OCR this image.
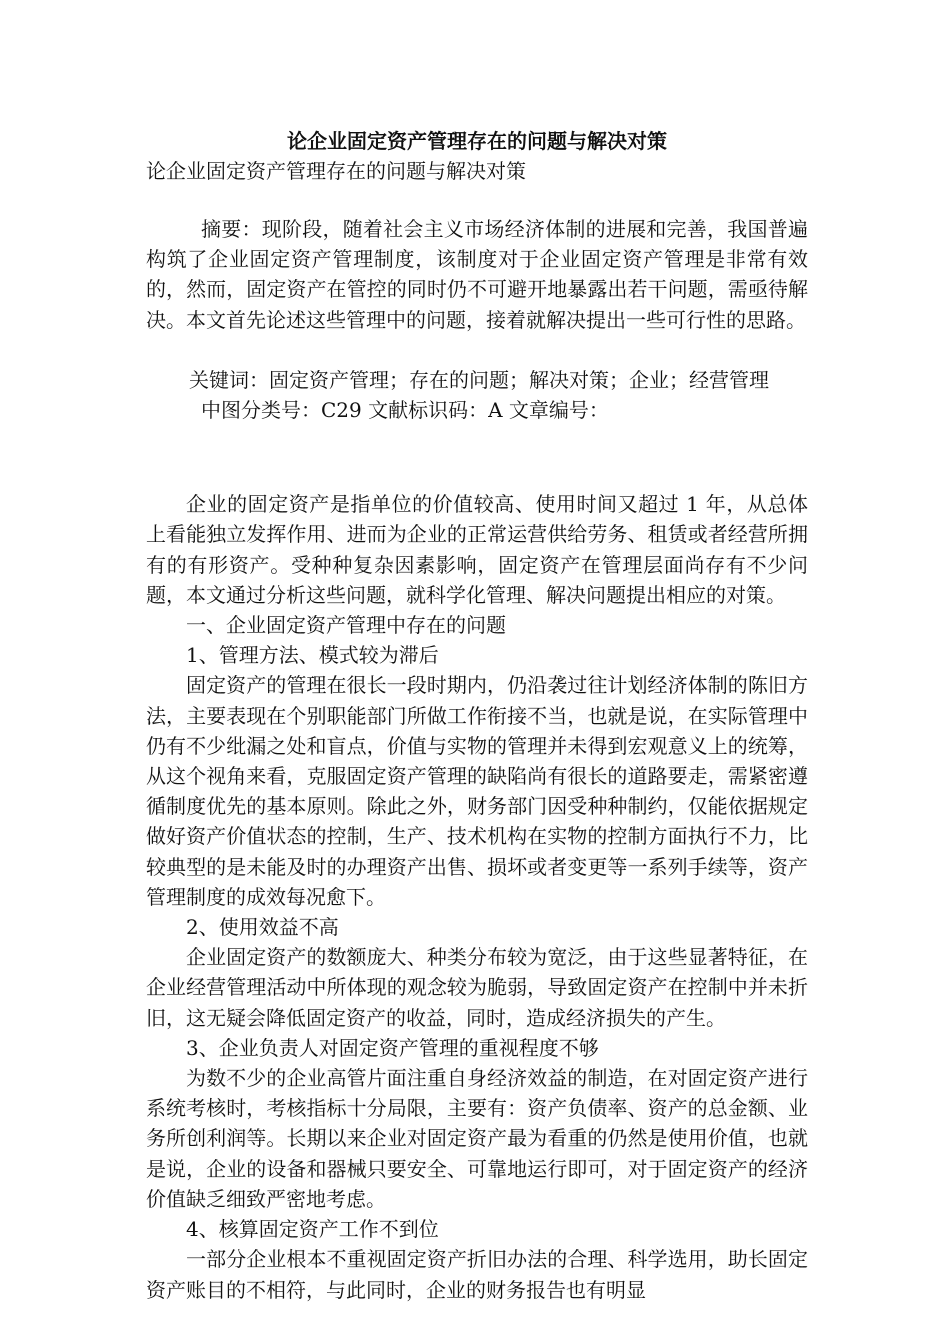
论企业固定资产管理存在的问题与解决对策
论企业固定资产管理存在的问题与解决对策

摘要：现阶段，随着社会主义市场经济体制的进展和完善，我国普遍构筑了企业固定资产管理制度，该制度对于企业固定资产管理是非常有效的，然而，固定资产在管控的同时仍不可避开地暴露出若干问题，需亟待解决。本文首先论述这些管理中的问题，接着就解决提出一些可行性的思路。

关键词：固定资产管理；存在的问题；解决对策；企业；经营管理

中图分类号：C29 文献标识码：A 文章编号：

企业的固定资产是指单位的价值较高、使用时间又超过 1 年，从总体上看能独立发挥作用、进而为企业的正常运营供给劳务、租赁或者经营所拥有的有形资产。受种种复杂因素影响，固定资产在管理层面尚存有不少问题，本文通过分析这些问题，就科学化管理、解决问题提出相应的对策。

一、企业固定资产管理中存在的问题

1、管理方法、模式较为滞后

固定资产的管理在很长一段时期内，仍沿袭过往计划经济体制的陈旧方法，主要表现在个别职能部门所做工作衔接不当，也就是说，在实际管理中仍有不少纰漏之处和盲点，价值与实物的管理并未得到宏观意义上的统筹，从这个视角来看，克服固定资产管理的缺陷尚有很长的道路要走，需紧密遵循制度优先的基本原则。除此之外，财务部门因受种种制约，仅能依据规定做好资产价值状态的控制，生产、技术机构在实物的控制方面执行不力，比较典型的是未能及时的办理资产出售、损坏或者变更等一系列手续等，资产管理制度的成效每况愈下。

2、使用效益不高

企业固定资产的数额庞大、种类分布较为宽泛，由于这些显著特征，在企业经营管理活动中所体现的观念较为脆弱，导致固定资产在控制中并未折旧，这无疑会降低固定资产的收益，同时，造成经济损失的产生。

3、企业负责人对固定资产管理的重视程度不够

为数不少的企业高管片面注重自身经济效益的制造，在对固定资产进行系统考核时，考核指标十分局限，主要有：资产负债率、资产的总金额、业务所创利润等。长期以来企业对固定资产最为看重的仍然是使用价值，也就是说，企业的设备和器械只要安全、可靠地运行即可，对于固定资产的经济价值缺乏细致严密地考虑。

4、核算固定资产工作不到位

一部分企业根本不重视固定资产折旧办法的合理、科学选用，助长固定资产账目的不相符，与此同时，企业的财务报告也有明显
